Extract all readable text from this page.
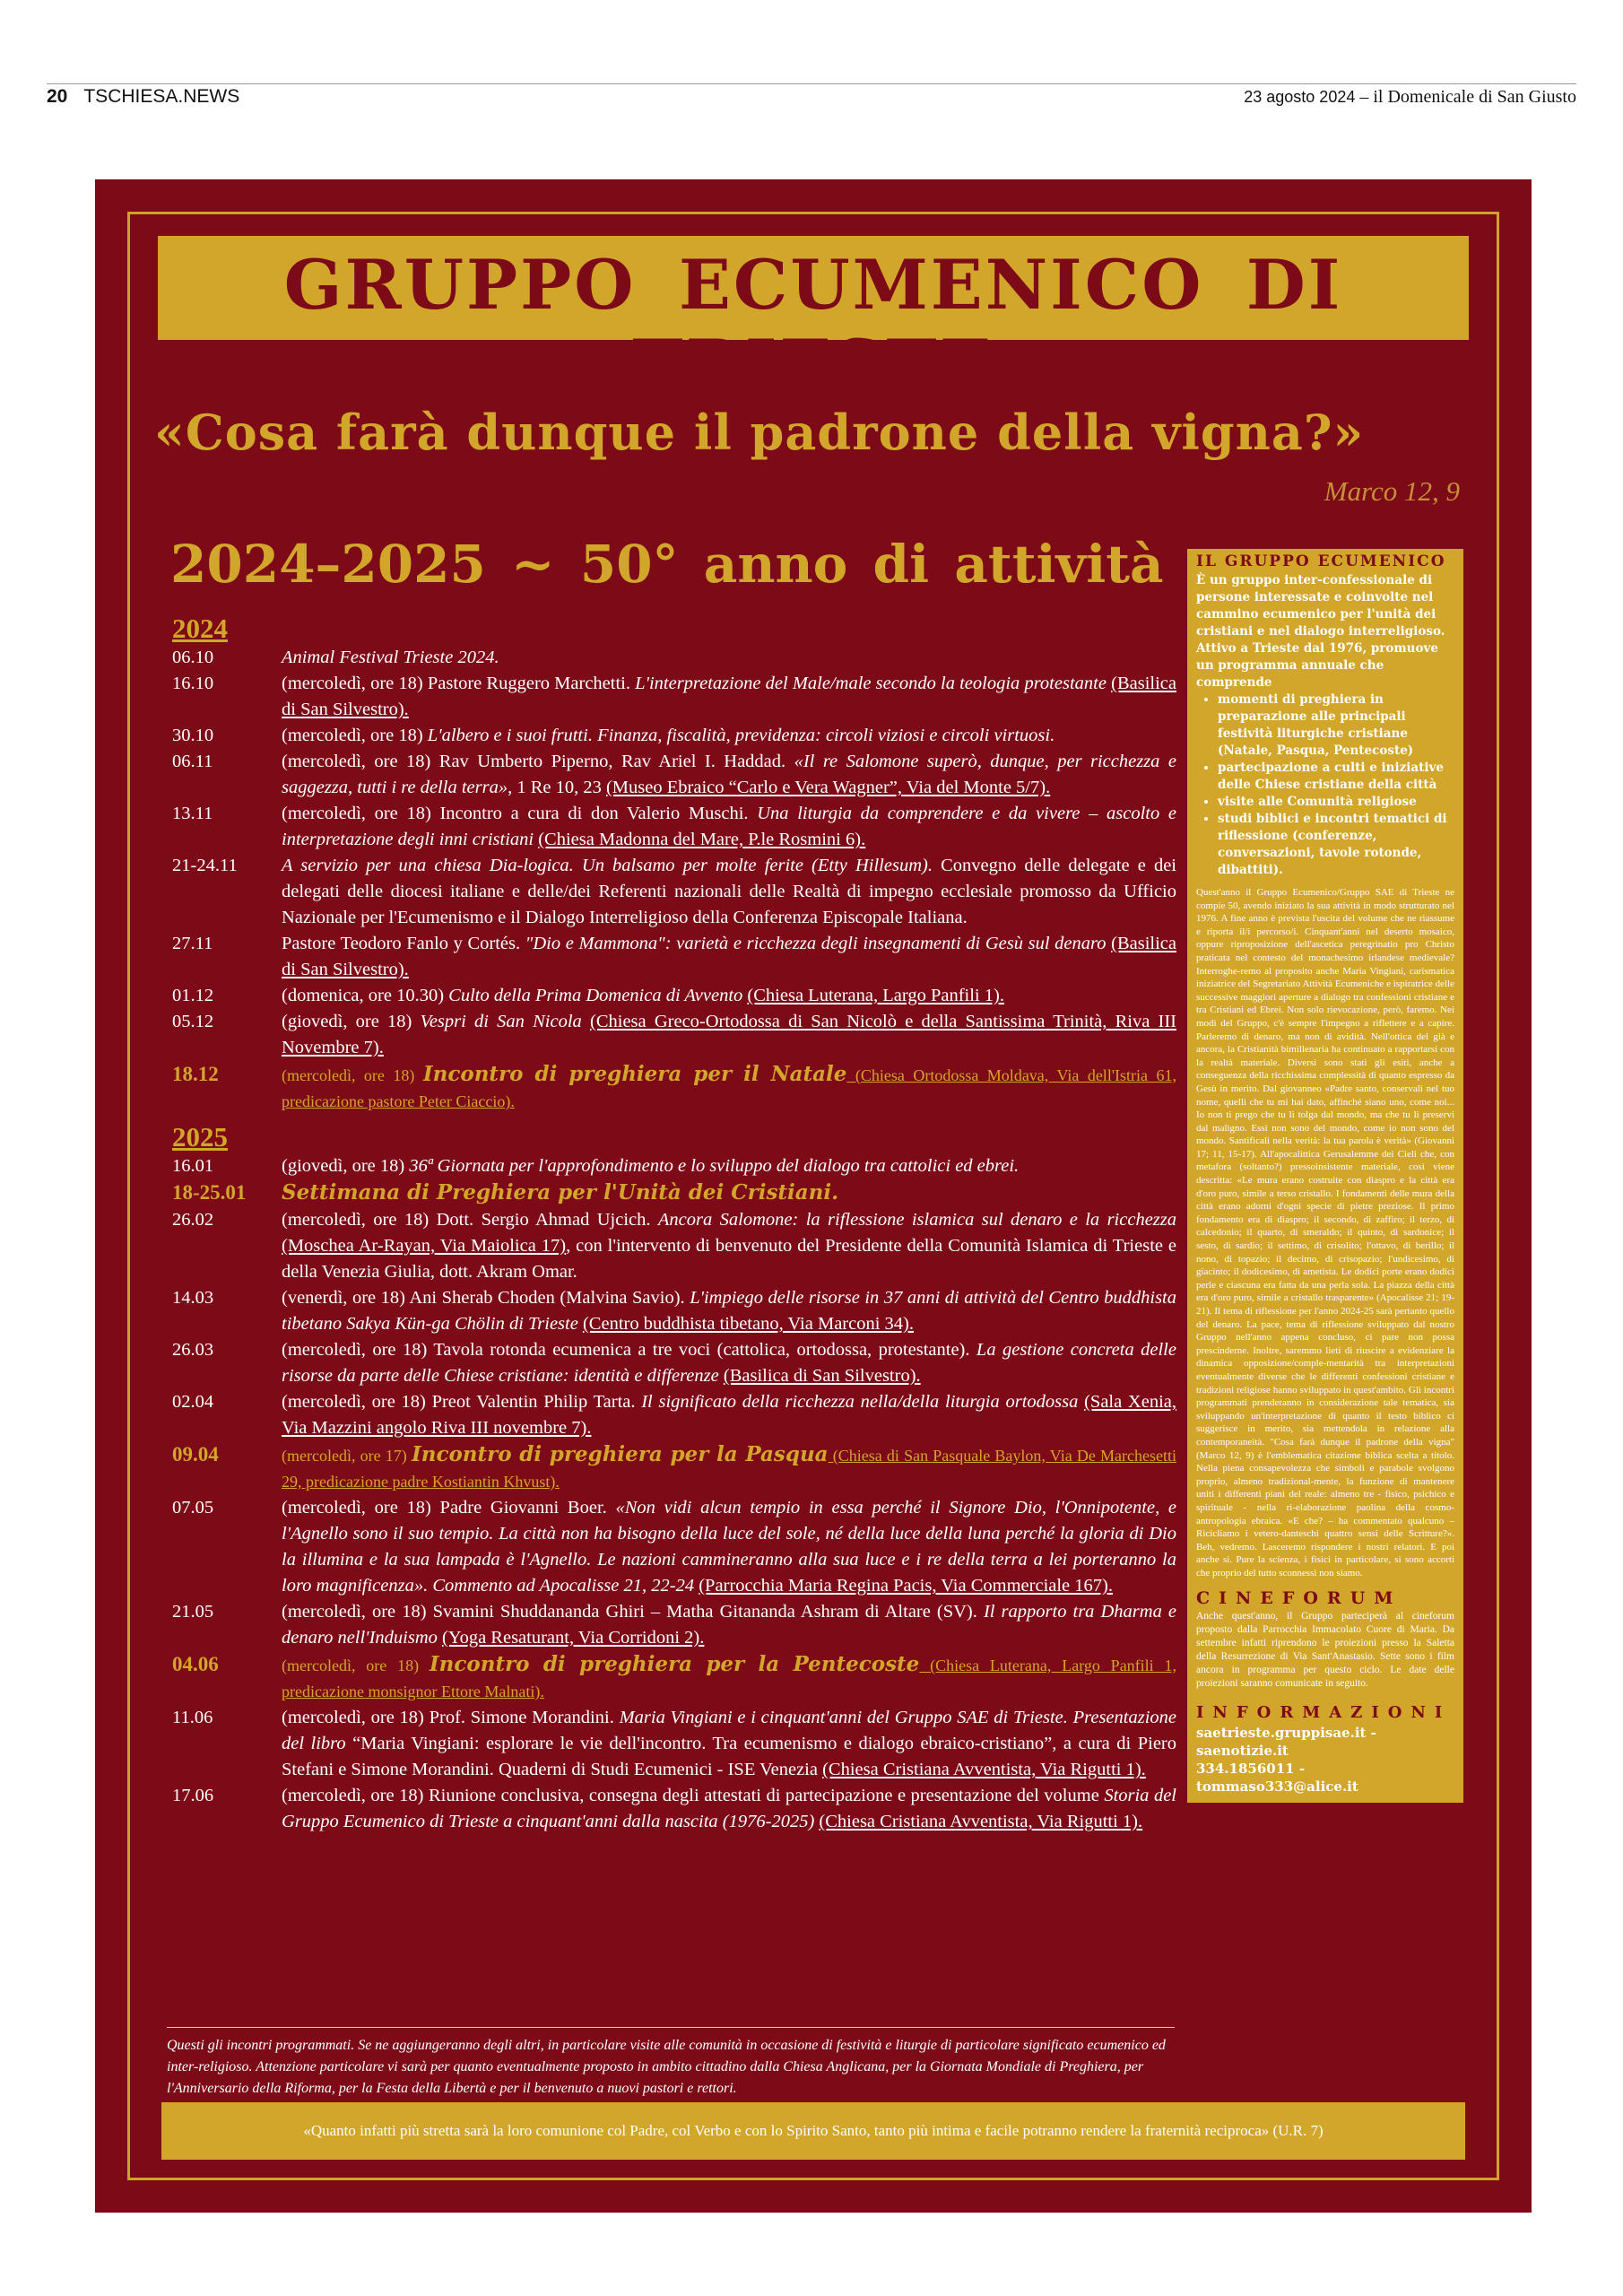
20 TSCHIESA.NEWS	23 agosto 2024 – il Domenicale di San Giusto
GRUPPO ECUMENICO DI TRIESTE
«Cosa farà dunque il padrone della vigna?»
Marco 12, 9
2024–2025 ~ 50° anno di attività
2024
06.10	Animal Festival Trieste 2024.
16.10	(mercoledì, ore 18) Pastore Ruggero Marchetti. L'interpretazione del Male/male secondo la teologia protestante (Basilica di San Silvestro).
30.10	(mercoledì, ore 18) L'albero e i suoi frutti. Finanza, fiscalità, previdenza: circoli viziosi e circoli virtuosi.
06.11	(mercoledì, ore 18) Rav Umberto Piperno, Rav Ariel I. Haddad. «Il re Salomone superò, dunque, per ricchezza e saggezza, tutti i re della terra», 1 Re 10, 23 (Museo Ebraico “Carlo e Vera Wagner”, Via del Monte 5/7).
13.11	(mercoledì, ore 18) Incontro a cura di don Valerio Muschi. Una liturgia da comprendere e da vivere – ascolto e interpretazione degli inni cristiani (Chiesa Madonna del Mare, P.le Rosmini 6).
21-24.11	A servizio per una chiesa Dia-logica. Un balsamo per molte ferite (Etty Hillesum). Convegno delle delegate e dei delegati delle diocesi italiane e delle/dei Referenti nazionali delle Realtà di impegno ecclesiale promosso da Ufficio Nazionale per l'Ecumenismo e il Dialogo Interreligioso della Conferenza Episcopale Italiana.
27.11	Pastore Teodoro Fanlo y Cortés. "Dio e Mammona": varietà e ricchezza degli insegnamenti di Gesù sul denaro (Basilica di San Silvestro).
01.12	(domenica, ore 10.30) Culto della Prima Domenica di Avvento (Chiesa Luterana, Largo Panfili 1).
05.12	(giovedì, ore 18) Vespri di San Nicola (Chiesa Greco-Ortodossa di San Nicolò e della Santissima Trinità, Riva III Novembre 7).
18.12	(mercoledì, ore 18) Incontro di preghiera per il Natale (Chiesa Ortodossa Moldava, Via dell'Istria 61, predicazione pastore Peter Ciaccio).
2025
16.01	(giovedì, ore 18) 36ª Giornata per l'approfondimento e lo sviluppo del dialogo tra cattolici ed ebrei.
18-25.01	Settimana di Preghiera per l'Unità dei Cristiani.
26.02	(mercoledì, ore 18) Dott. Sergio Ahmad Ujcich. Ancora Salomone: la riflessione islamica sul denaro e la ricchezza (Moschea Ar-Rayan, Via Maiolica 17), con l'intervento di benvenuto del Presidente della Comunità Islamica di Trieste e della Venezia Giulia, dott. Akram Omar.
14.03	(venerdì, ore 18) Ani Sherab Choden (Malvina Savio). L'impiego delle risorse in 37 anni di attività del Centro buddhista tibetano Sakya Kün-ga Chölin di Trieste (Centro buddhista tibetano, Via Marconi 34).
26.03	(mercoledì, ore 18) Tavola rotonda ecumenica a tre voci (cattolica, ortodossa, protestante). La gestione concreta delle risorse da parte delle Chiese cristiane: identità e differenze (Basilica di San Silvestro).
02.04	(mercoledì, ore 18) Preot Valentin Philip Tarta. Il significato della ricchezza nella/della liturgia ortodossa (Sala Xenia, Via Mazzini angolo Riva III novembre 7).
09.04	(mercoledì, ore 17) Incontro di preghiera per la Pasqua (Chiesa di San Pasquale Baylon, Via De Marchesetti 29, predicazione padre Kostiantin Khvust).
07.05	(mercoledì, ore 18) Padre Giovanni Boer. «Non vidi alcun tempio in essa perché il Signore Dio, l'Onnipotente, e l'Agnello sono il suo tempio. La città non ha bisogno della luce del sole, né della luce della luna perché la gloria di Dio la illumina e la sua lampada è l'Agnello. Le nazioni cammineranno alla sua luce e i re della terra a lei porteranno la loro magnificenza». Commento ad Apocalisse 21, 22-24 (Parrocchia Maria Regina Pacis, Via Commerciale 167).
21.05	(mercoledì, ore 18) Svamini Shuddananda Ghiri – Matha Gitananda Ashram di Altare (SV). Il rapporto tra Dharma e denaro nell'Induismo (Yoga Resaturant, Via Corridoni 2).
04.06	(mercoledì, ore 18) Incontro di preghiera per la Pentecoste (Chiesa Luterana, Largo Panfili 1, predicazione monsignor Ettore Malnati).
11.06	(mercoledì, ore 18) Prof. Simone Morandini. Maria Vingiani e i cinquant'anni del Gruppo SAE di Trieste. Presentazione del libro “Maria Vingiani: esplorare le vie dell'incontro. Tra ecumenismo e dialogo ebraico-cristiano”, a cura di Piero Stefani e Simone Morandini. Quaderni di Studi Ecumenici - ISE Venezia (Chiesa Cristiana Avventista, Via Rigutti 1).
17.06	(mercoledì, ore 18) Riunione conclusiva, consegna degli attestati di partecipazione e presentazione del volume Storia del Gruppo Ecumenico di Trieste a cinquant'anni dalla nascita (1976-2025) (Chiesa Cristiana Avventista, Via Rigutti 1).
IL GRUPPO ECUMENICO
È un gruppo inter-confessionale di persone interessate e coinvolte nel cammino ecumenico per l'unità dei cristiani e nel dialogo interreligioso. Attivo a Trieste dal 1976, promuove un programma annuale che comprende
• momenti di preghiera in preparazione alle principali festività liturgiche cristiane (Natale, Pasqua, Pentecoste)
• partecipazione a culti e iniziative delle Chiese cristiane della città
• visite alle Comunità religiose
• studi biblici e incontri tematici di riflessione (conferenze, conversazioni, tavole rotonde, dibattiti).
Quest'anno il Gruppo Ecumenico/Gruppo SAE di Trieste ne compie 50, avendo iniziato la sua attività in modo strutturato nel 1976. A fine anno è prevista l'uscita del volume che ne riassume e riporta il/i percorso/i. Cinquant'anni nel deserto mosaico, oppure riproposizione dell'ascetica peregrinatio pro Christo praticata nel contesto del monachesimo irlandese medievale? Interroghe-remo al proposito anche Maria Vingiani, carismatica iniziatrice del Segretariato Attività Ecumeniche e ispiratrice delle successive maggiori aperture a dialogo tra confessioni cristiane e tra Cristiani ed Ebrei. Non solo rievocazione, però, faremo. Nei modi del Gruppo, c'è sempre l'impegno a riflettere e a capire. Parleremo di denaro, ma non di avidità. Nell'ottica del già e ancora, la Cristianità bimillenaria ha continuato a rapportarsi con la realtà materiale. Diversi sono stati gli esiti, anche a conseguenza della ricchissima complessità di quanto espresso da Gesù in merito. Dal giovanneo «Padre santo, conservali nel tuo nome, quelli che tu mi hai dato, affinché siano uno, come noi... Io non ti prego che tu li tolga dal mondo, ma che tu li preservi dal maligno. Essi non sono del mondo, come io non sono del mondo. Santificali nella verità: la tua parola è verità» (Giovanni 17; 11, 15-17). All'apocalittica Gerusalemme dei Cieli che, con metafora (soltanto?) pressoinsistente materiale, così viene descritta: «Le mura erano costruite con diaspro e la città era d'oro puro, simile a terso cristallo. I fondamenti delle mura della città erano adorni d'ogni specie di pietre preziose. Il primo fondamento era di diaspro; il secondo, di zaffiro; il terzo, di calcedonio; il quarto, di smeraldo; il quinto, di sardonice; il sesto, di sardio; il settimo, di crisolito; l'ottavo, di berillo; il nono, di topazio; il decimo, di crisopazio; l'undicesimo, di giacinto; il dodicesimo, di ametista. Le dodici porte erano dodici perle e ciascuna era fatta da una perla sola. La piazza della città era d'oro puro, simile a cristallo trasparente» (Apocalisse 21; 19-21). Il tema di riflessione per l'anno 2024-25 sarà pertanto quello del denaro. La pace, tema di riflessione sviluppato dal nostro Gruppo nell'anno appena concluso, ci pare non possa prescinderne. Inoltre, saremmo lieti di riuscire a evidenziare la dinamica opposizione/comple-mentarità tra interpretazioni eventualmente diverse che le differenti confessioni cristiane e tradizioni religiose hanno sviluppato in quest'ambito. Gli incontri programmati prenderanno in considerazione tale tematica, sia sviluppando un'interpretazione di quanto il testo biblico ci suggerisce in merito, sia mettendola in relazione alla contemporaneità. "Cosa farà dunque il padrone della vigna" (Marco 12, 9) è l'emblematica citazione biblica scelta a titolo. Nella piena consapevolezza che simboli e parabole svolgono proprio, almeno tradizional-mente, la funzione di mantenere uniti i differenti piani del reale: almeno tre - fisico, psichico e spirituale - nella ri-elaborazione paolina della cosmo-antropologia ebraica. «E che? – ha commentato qualcuno – Ricicliamo i vetero-danteschi quattro sensi delle Scritture?». Beh, vedremo. Lasceremo rispondere i nostri relatori. E poi anche sì. Pure la scienza, i fisici in particolare, si sono accorti che proprio del tutto sconnessi non siamo.
CINEFORUM
Anche quest'anno, il Gruppo parteciperà al cineforum proposto dalla Parrocchia Immacolato Cuore di Maria. Da settembre infatti riprendono le proiezioni presso la Saletta della Resurrezione di Via Sant'Anastasio. Sette sono i film ancora in programma per questo ciclo. Le date delle proiezioni saranno comunicate in seguito.
INFORMAZIONI
saetrieste.gruppisae.it - saenotizie.it
334.1856011 - tommaso333@alice.it
Questi gli incontri programmati. Se ne aggiungeranno degli altri, in particolare visite alle comunità in occasione di festività e liturgie di particolare significato ecumenico ed inter-religioso. Attenzione particolare vi sarà per quanto eventualmente proposto in ambito cittadino dalla Chiesa Anglicana, per la Giornata Mondiale di Preghiera, per l'Anniversario della Riforma, per la Festa della Libertà e per il benvenuto a nuovi pastori e rettori.
«Quanto infatti più stretta sarà la loro comunione col Padre, col Verbo e con lo Spirito Santo, tanto più intima e facile potranno rendere la fraternità reciproca» (U.R. 7)
